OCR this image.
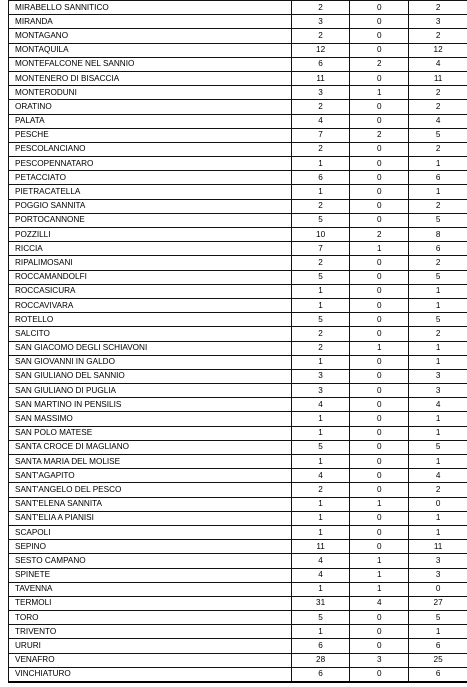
MIRABELLO SANNITICO	2	0	2
MIRANDA	3	0	3
MONTAGANO	2	0	2
MONTAQUILA	12	0	12
MONTEFALCONE NEL SANNIO	6	2	4
MONTENERO DI BISACCIA	11	0	11
MONTERODUNI	3	1	2
ORATINO	2	0	2
PALATA	4	0	4
PESCHE	7	2	5
PESCOLANCIANO	2	0	2
PESCOPENNATARO	1	0	1
PETACCIATO	6	0	6
PIETRACATELLA	1	0	1
POGGIO SANNITA	2	0	2
PORTOCANNONE	5	0	5
POZZILLI	10	2	8
RICCIA	7	1	6
RIPALIMOSANI	2	0	2
ROCCAMANDOLFI	5	0	5
ROCCASICURA	1	0	1
ROCCAVIVARA	1	0	1
ROTELLO	5	0	5
SALCITO	2	0	2
SAN GIACOMO DEGLI SCHIAVONI	2	1	1
SAN GIOVANNI IN GALDO	1	0	1
SAN GIULIANO DEL SANNIO	3	0	3
SAN GIULIANO DI PUGLIA	3	0	3
SAN MARTINO IN PENSILIS	4	0	4
SAN MASSIMO	1	0	1
SAN POLO MATESE	1	0	1
SANTA CROCE DI MAGLIANO	5	0	5
SANTA MARIA DEL MOLISE	1	0	1
SANT'AGAPITO	4	0	4
SANT'ANGELO DEL PESCO	2	0	2
SANT'ELENA SANNITA	1	1	0
SANT'ELIA A PIANISI	1	0	1
SCAPOLI	1	0	1
SEPINO	11	0	11
SESTO CAMPANO	4	1	3
SPINETE	4	1	3
TAVENNA	1	1	0
TERMOLI	31	4	27
TORO	5	0	5
TRIVENTO	1	0	1
URURI	6	0	6
VENAFRO	28	3	25
VINCHIATURO	6	0	6
